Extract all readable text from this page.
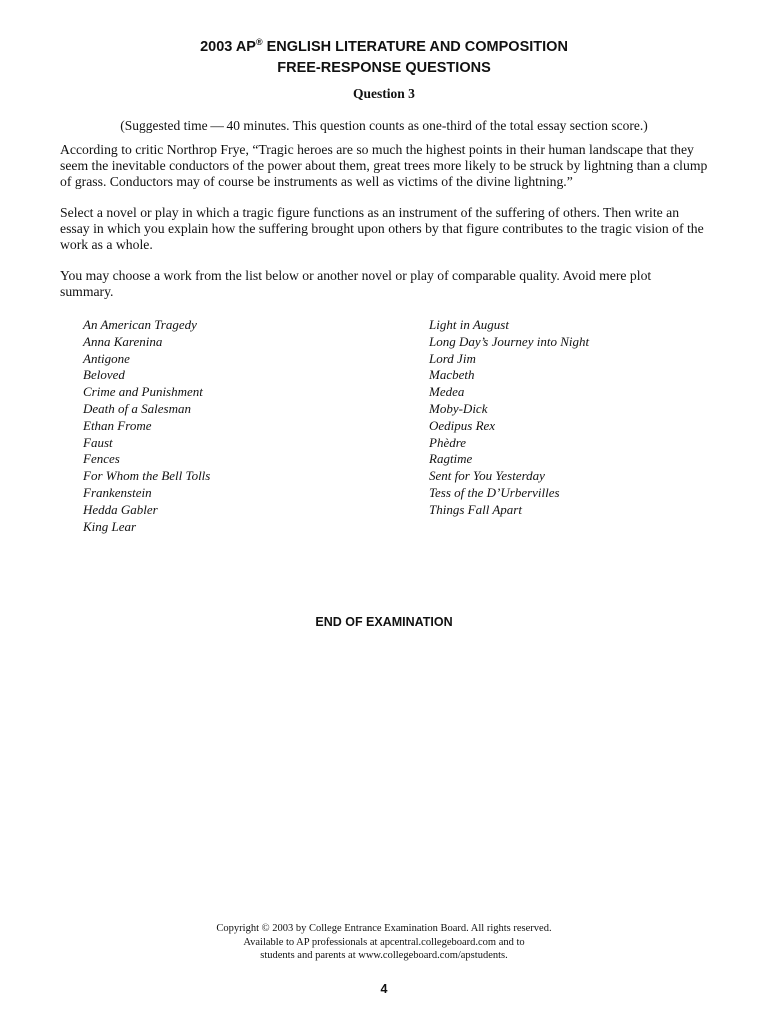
2003 AP® ENGLISH LITERATURE AND COMPOSITION
FREE-RESPONSE QUESTIONS
Question 3
(Suggested time — 40 minutes. This question counts as one-third of the total essay section score.)
According to critic Northrop Frye, “Tragic heroes are so much the highest points in their human landscape that they seem the inevitable conductors of the power about them, great trees more likely to be struck by lightning than a clump of grass. Conductors may of course be instruments as well as victims of the divine lightning.”
Select a novel or play in which a tragic figure functions as an instrument of the suffering of others. Then write an essay in which you explain how the suffering brought upon others by that figure contributes to the tragic vision of the work as a whole.
You may choose a work from the list below or another novel or play of comparable quality. Avoid mere plot summary.
An American Tragedy
Anna Karenina
Antigone
Beloved
Crime and Punishment
Death of a Salesman
Ethan Frome
Faust
Fences
For Whom the Bell Tolls
Frankenstein
Hedda Gabler
King Lear
Light in August
Long Day’s Journey into Night
Lord Jim
Macbeth
Medea
Moby-Dick
Oedipus Rex
Phèdre
Ragtime
Sent for You Yesterday
Tess of the D’Urbervilles
Things Fall Apart
END OF EXAMINATION
Copyright © 2003 by College Entrance Examination Board. All rights reserved.
Available to AP professionals at apcentral.collegeboard.com and to
students and parents at www.collegeboard.com/apstudents.
4
